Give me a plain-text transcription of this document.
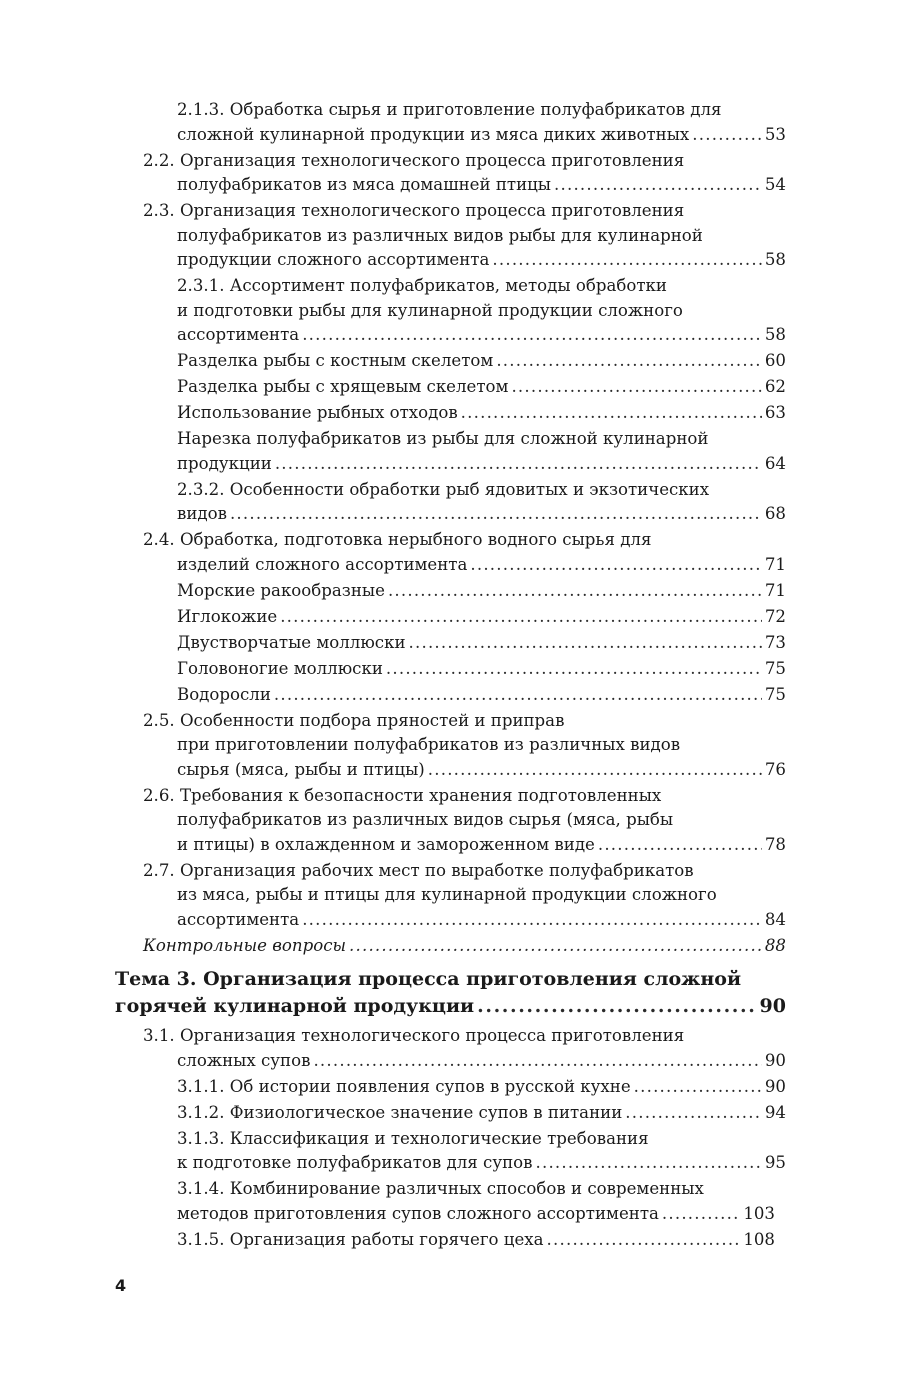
2.1.3. Обработка сырья и приготовление полуфабрикатов для
сложной кулинарной продукции из мяса диких животных .....	53
2.2. Организация технологического процесса приготовления
полуфабрикатов из мяса домашней птицы .....	54
2.3. Организация технологического процесса приготовления
полуфабрикатов из различных видов рыбы для кулинарной
продукции сложного ассортимента .....	58
2.3.1. Ассортимент полуфабрикатов, методы обработки
и подготовки рыбы для кулинарной продукции сложного
ассортимента .....	58
Разделка рыбы с костным скелетом .....	60
Разделка рыбы с хрящевым скелетом .....	62
Использование рыбных отходов .....	63
Нарезка полуфабрикатов из рыбы для сложной кулинарной
продукции .....	64
2.3.2. Особенности обработки рыб ядовитых и экзотических
видов .....	68
2.4. Обработка, подготовка нерыбного водного сырья для
изделий сложного ассортимента .....	71
Морские ракообразные .....	71
Иглокожие .....	72
Двустворчатые моллюски .....	73
Головоногие моллюски .....	75
Водоросли .....	75
2.5. Особенности подбора пряностей и приправ
при приготовлении полуфабрикатов из различных видов
сырья (мяса, рыбы и птицы) .....	76
2.6. Требования к безопасности хранения подготовленных
полуфабрикатов из различных видов сырья (мяса, рыбы
и птицы) в охлажденном и замороженном виде .....	78
2.7. Организация рабочих мест по выработке полуфабрикатов
из мяса, рыбы и птицы для кулинарной продукции сложного
ассортимента .....	84
Контрольные вопросы .....	88
Тема 3. Организация процесса приготовления сложной
горячей кулинарной продукции .....	90
3.1. Организация технологического процесса приготовления
сложных супов .....	90
3.1.1. Об истории появления супов в русской кухне .....	90
3.1.2. Физиологическое значение супов в питании .....	94
3.1.3. Классификация и технологические требования
к подготовке полуфабрикатов для супов .....	95
3.1.4. Комбинирование различных способов и современных
методов приготовления супов сложного ассортимента .....	103
3.1.5. Организация работы горячего цеха .....	108
4
